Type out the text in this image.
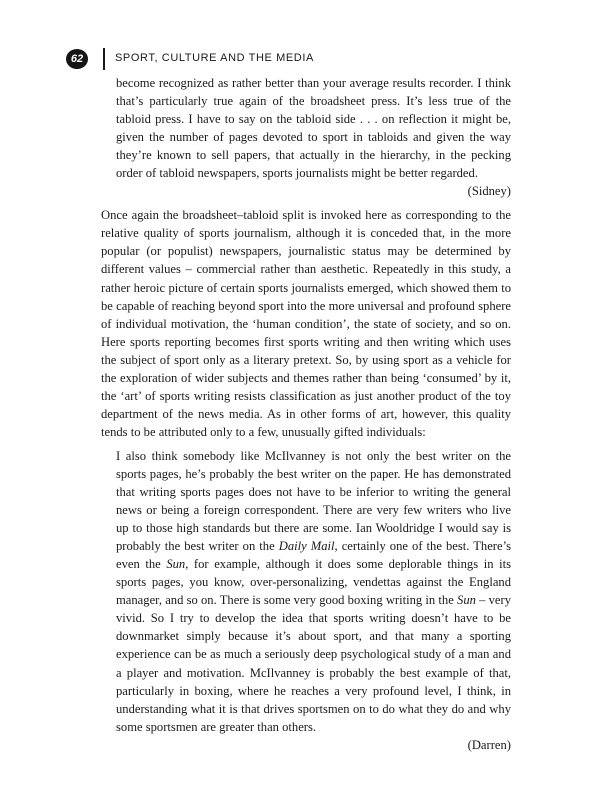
62	SPORT, CULTURE AND THE MEDIA

become recognized as rather better than your average results recorder. I think that’s particularly true again of the broadsheet press. It’s less true of the tabloid press. I have to say on the tabloid side . . . on reflection it might be, given the number of pages devoted to sport in tabloids and given the way they’re known to sell papers, that actually in the hierarchy, in the pecking order of tabloid newspapers, sports journalists might be better regarded.

(Sidney)

Once again the broadsheet–tabloid split is invoked here as corresponding to the relative quality of sports journalism, although it is conceded that, in the more popular (or populist) newspapers, journalistic status may be determined by different values – commercial rather than aesthetic. Repeatedly in this study, a rather heroic picture of certain sports journalists emerged, which showed them to be capable of reaching beyond sport into the more universal and profound sphere of individual motivation, the ‘human condition’, the state of society, and so on. Here sports reporting becomes first sports writing and then writing which uses the subject of sport only as a literary pretext. So, by using sport as a vehicle for the exploration of wider subjects and themes rather than being ‘consumed’ by it, the ‘art’ of sports writing resists classification as just another product of the toy department of the news media. As in other forms of art, however, this quality tends to be attributed only to a few, unusually gifted individuals:

I also think somebody like McIlvanney is not only the best writer on the sports pages, he’s probably the best writer on the paper. He has demonstrated that writing sports pages does not have to be inferior to writing the general news or being a foreign correspondent. There are very few writers who live up to those high standards but there are some. Ian Wooldridge I would say is probably the best writer on the Daily Mail, certainly one of the best. There’s even the Sun, for example, although it does some deplorable things in its sports pages, you know, over-personalizing, vendettas against the England manager, and so on. There is some very good boxing writing in the Sun – very vivid. So I try to develop the idea that sports writing doesn’t have to be downmarket simply because it’s about sport, and that many a sporting experience can be as much a seriously deep psychological study of a man and a player and motivation. McIlvanney is probably the best example of that, particularly in boxing, where he reaches a very profound level, I think, in understanding what it is that drives sportsmen on to do what they do and why some sportsmen are greater than others.

(Darren)
